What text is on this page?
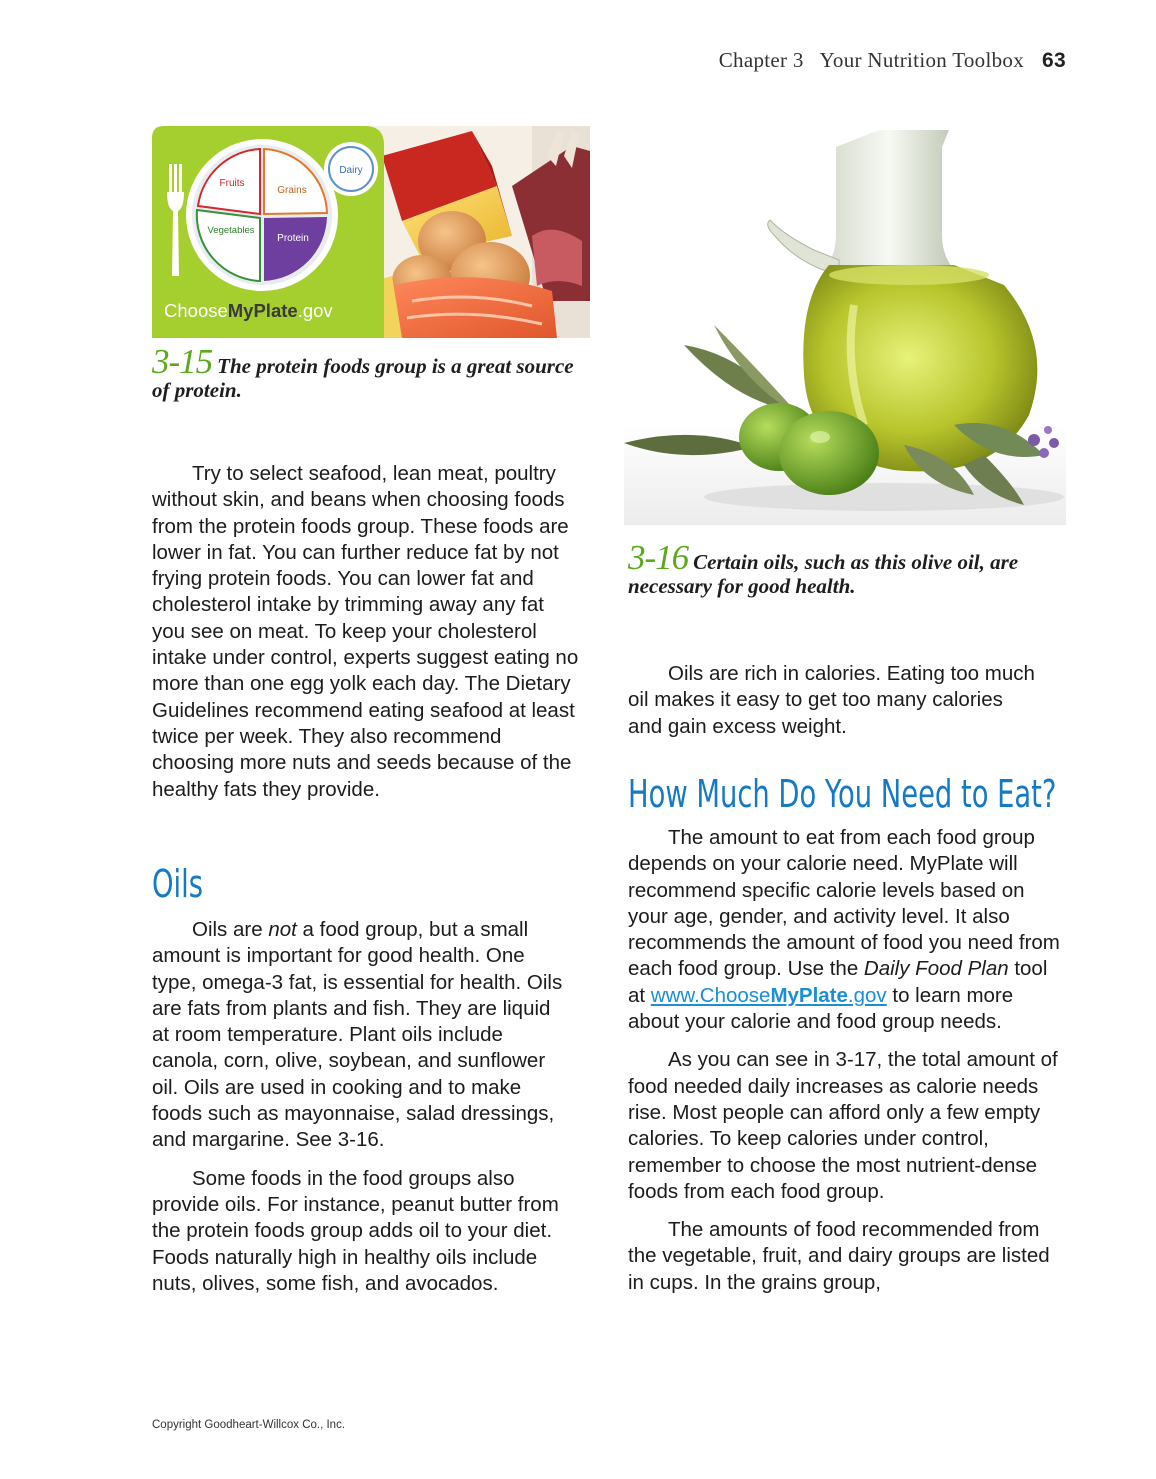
Chapter 3   Your Nutrition Toolbox 63
Fruits
Grains
Vegetables
Protein
Dairy
ChooseMyPlate.gov
3-15 The protein foods group is a great source of protein.
3-16 Certain oils, such as this olive oil, are necessary for good health.

Try to select seafood, lean meat, poultry without skin, and beans when choosing foods from the protein foods group. These foods are lower in fat. You can further reduce fat by not frying protein foods. You can lower fat and cholesterol intake by trimming away any fat you see on meat. To keep your cholesterol intake under control, experts suggest eating no more than one egg yolk each day. The Dietary Guidelines recommend eating seafood at least twice per week. They also recommend choosing more nuts and seeds because of the healthy fats they provide.

Oils

Oils are not a food group, but a small amount is important for good health. One type, omega-3 fat, is essential for health. Oils are fats from plants and fish. They are liquid at room temperature. Plant oils include canola, corn, olive, soybean, and sunflower oil. Oils are used in cooking and to make foods such as mayonnaise, salad dressings, and margarine. See 3-16.

Some foods in the food groups also provide oils. For instance, peanut butter from the protein foods group adds oil to your diet. Foods naturally high in healthy oils include nuts, olives, some fish, and avocados.

Oils are rich in calories. Eating too much oil makes it easy to get too many calories and gain excess weight.

How Much Do You Need to Eat?

The amount to eat from each food group depends on your calorie need. MyPlate will recommend specific calorie levels based on your age, gender, and activity level. It also recommends the amount of food you need from each food group. Use the Daily Food Plan tool at www.ChooseMyPlate.gov to learn more about your calorie and food group needs.

As you can see in 3-17, the total amount of food needed daily increases as calorie needs rise. Most people can afford only a few empty calories. To keep calories under control, remember to choose the most nutrient-dense foods from each food group.

The amounts of food recommended from the vegetable, fruit, and dairy groups are listed in cups. In the grains group,

Copyright Goodheart-Willcox Co., Inc.
